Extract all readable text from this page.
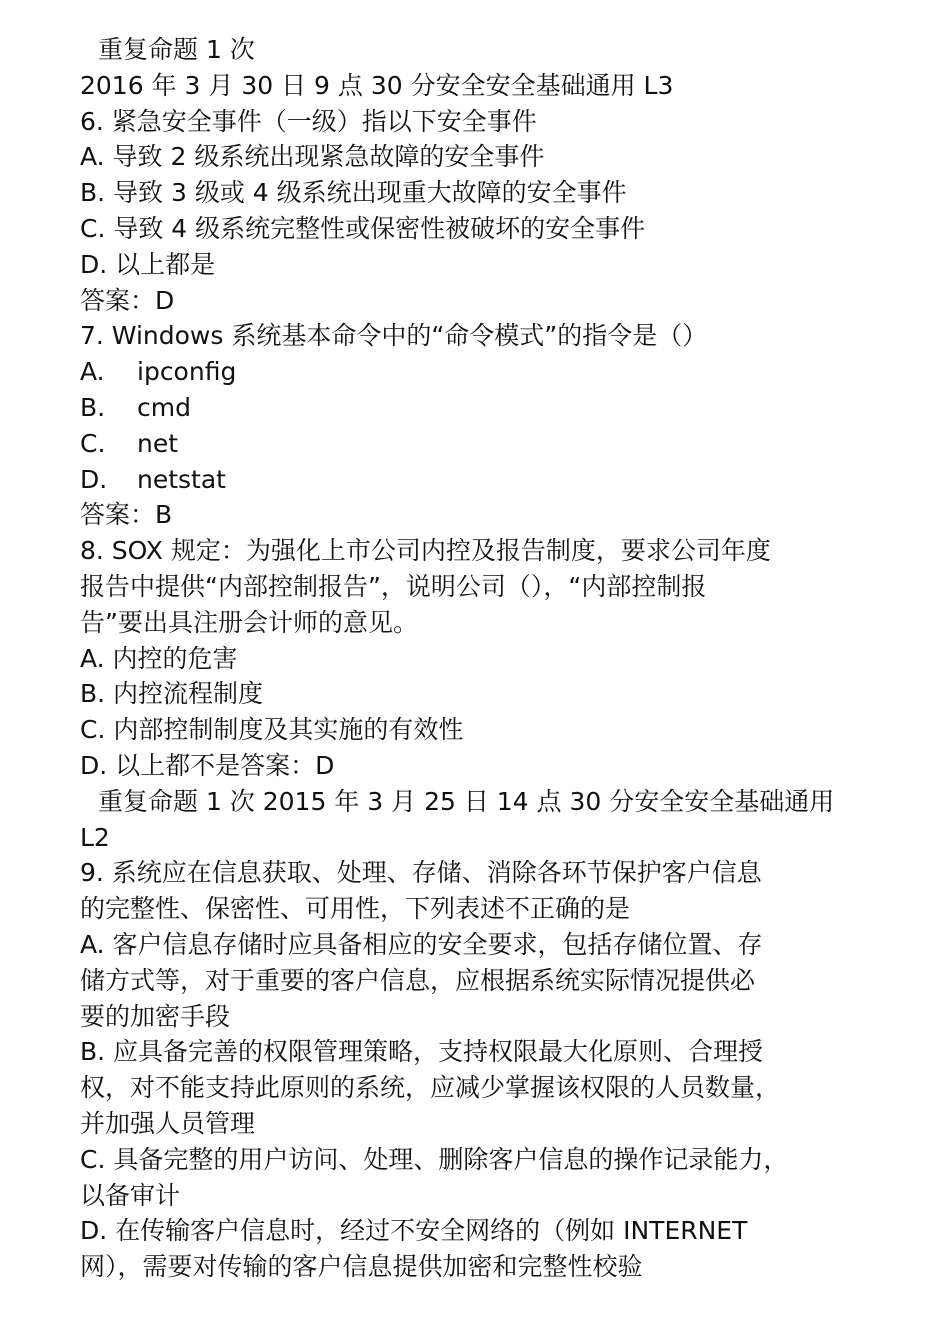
重复命题 1 次
2016 年 3 月 30 日 9 点 30 分安全安全基础通用 L3
6. 紧急安全事件（一级）指以下安全事件
A. 导致 2 级系统出现紧急故障的安全事件
B. 导致 3 级或 4 级系统出现重大故障的安全事件
C. 导致 4 级系统完整性或保密性被破坏的安全事件
D. 以上都是
答案：D
7. Windows 系统基本命令中的“命令模式”的指令是（）
A. ipconfig
B. cmd
C. net
D. netstat
答案：B
8. SOX 规定：为强化上市公司内控及报告制度，要求公司年度
报告中提供“内部控制报告”，说明公司（），“内部控制报
告”要出具注册会计师的意见。
A. 内控的危害
B. 内控流程制度
C. 内部控制制度及其实施的有效性
D. 以上都不是答案：D
重复命题 1 次 2015 年 3 月 25 日 14 点 30 分安全安全基础通用
L2
9. 系统应在信息获取、处理、存储、消除各环节保护客户信息
的完整性、保密性、可用性，下列表述不正确的是
A. 客户信息存储时应具备相应的安全要求，包括存储位置、存
储方式等，对于重要的客户信息，应根据系统实际情况提供必
要的加密手段
B. 应具备完善的权限管理策略，支持权限最大化原则、合理授
权，对不能支持此原则的系统，应减少掌握该权限的人员数量，
并加强人员管理
C. 具备完整的用户访问、处理、删除客户信息的操作记录能力，
以备审计
D. 在传输客户信息时，经过不安全网络的（例如 INTERNET
网），需要对传输的客户信息提供加密和完整性校验
